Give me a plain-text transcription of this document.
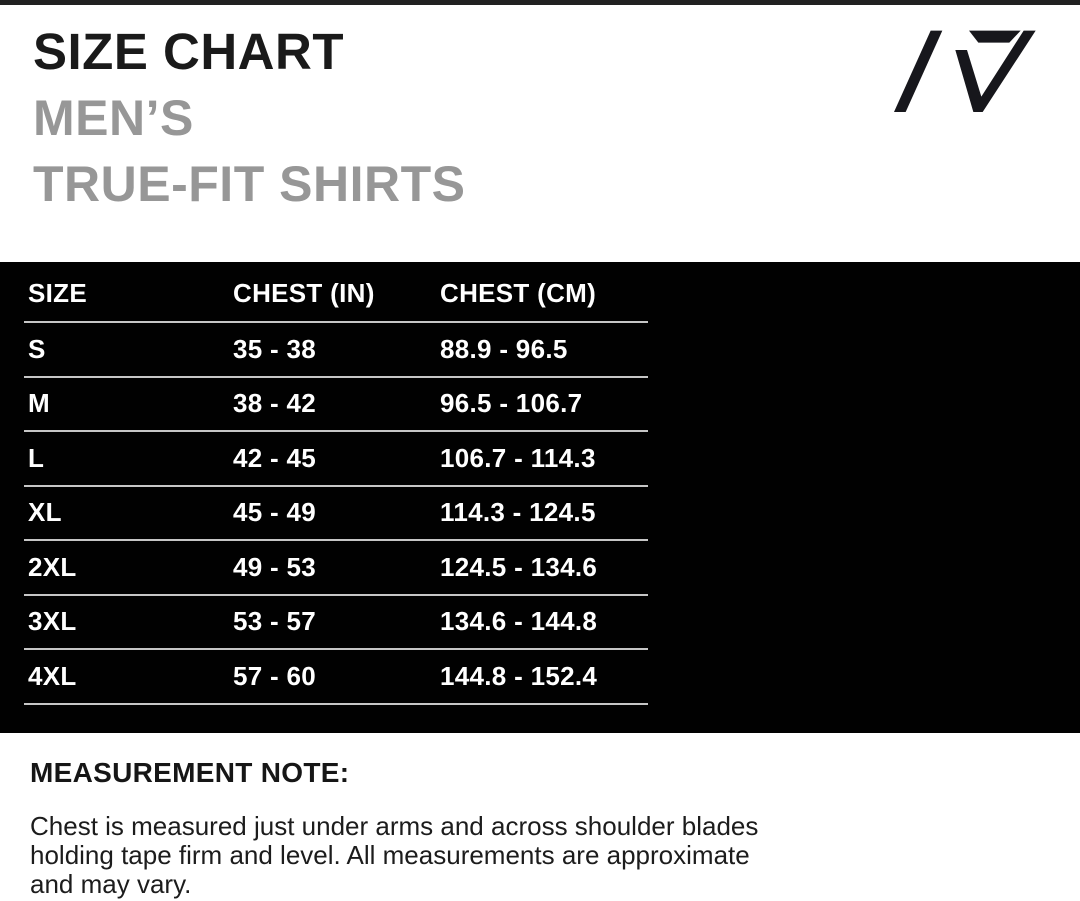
SIZE CHART
MEN’S
TRUE-FIT SHIRTS
SIZE	CHEST (IN)	CHEST (CM)
S	35 - 38	88.9 - 96.5
M	38 - 42	96.5 - 106.7
L	42 - 45	106.7 - 114.3
XL	45 - 49	114.3 - 124.5
2XL	49 - 53	124.5 - 134.6
3XL	53 - 57	134.6 - 144.8
4XL	57 - 60	144.8 - 152.4
MEASUREMENT NOTE:
Chest is measured just under arms and across shoulder blades
holding tape firm and level. All measurements are approximate
and may vary.
